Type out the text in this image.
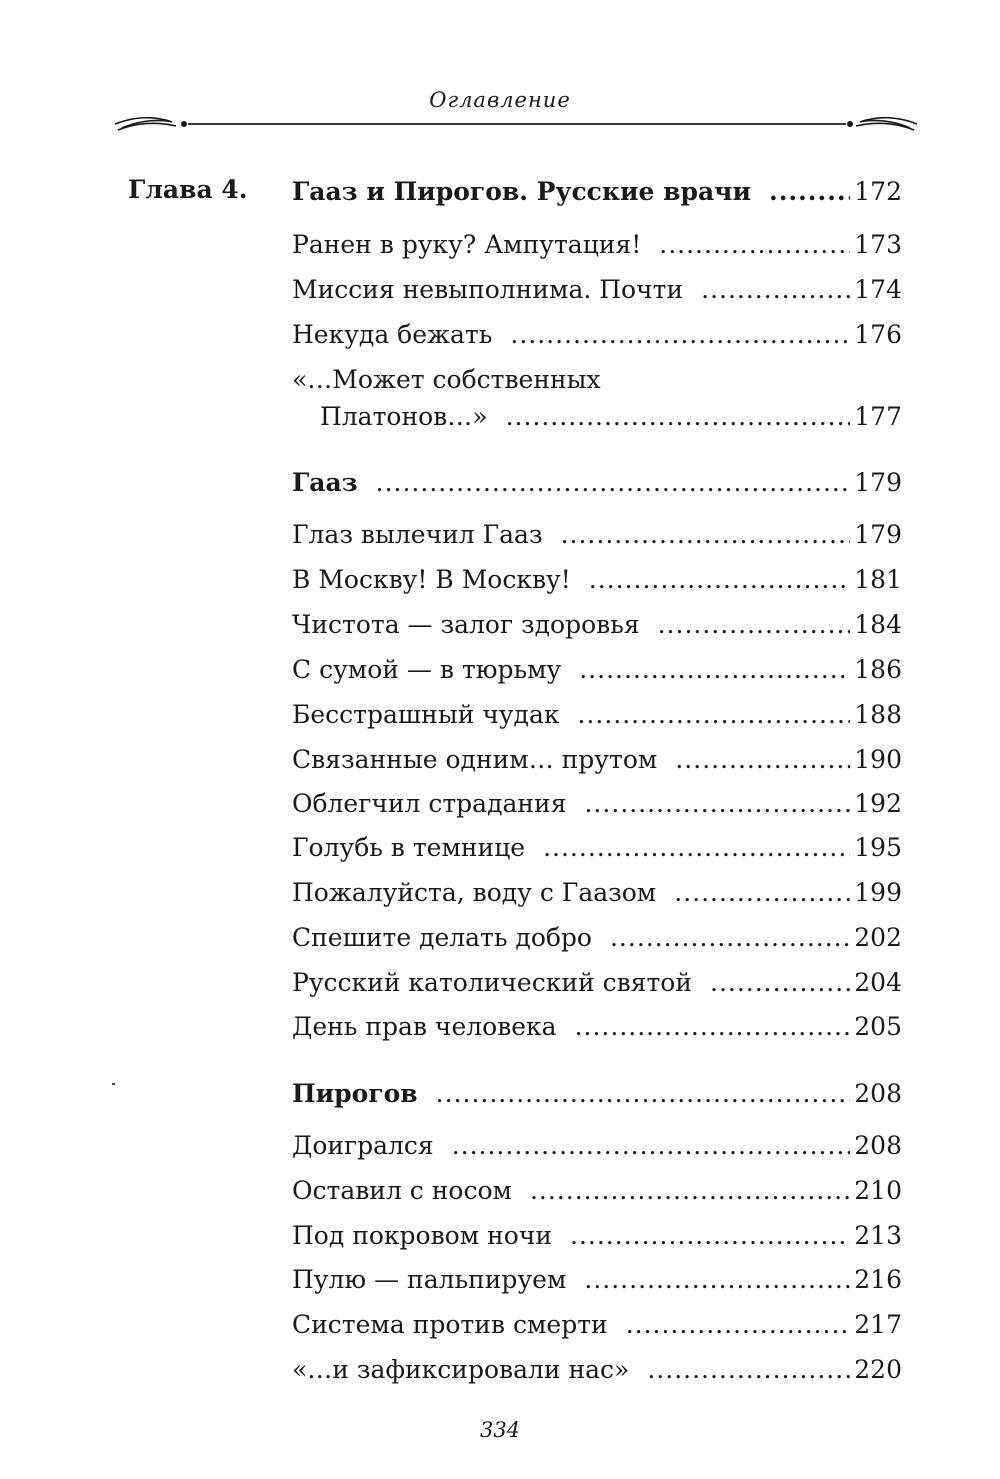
Оглавление
Глава 4. Гааз и Пирогов. Русские врачи .....	172
Ранен в руку? Ампутация! .....	173
Миссия невыполнима. Почти .....	174
Некуда бежать .....	176
«…Может собственных
Платонов…» .....	177
Гааз .....	179
Глаз вылечил Гааз .....	179
В Москву! В Москву! .....	181
Чистота — залог здоровья .....	184
С сумой — в тюрьму .....	186
Бесстрашный чудак .....	188
Связанные одним… прутом .....	190
Облегчил страдания .....	192
Голубь в темнице .....	195
Пожалуйста, воду с Гаазом .....	199
Спешите делать добро .....	202
Русский католический святой .....	204
День прав человека .....	205
Пирогов .....	208
Доигрался .....	208
Оставил с носом .....	210
Под покровом ночи .....	213
Пулю — пальпируем .....	216
Система против смерти .....	217
«…и зафиксировали нас» .....	220
334
